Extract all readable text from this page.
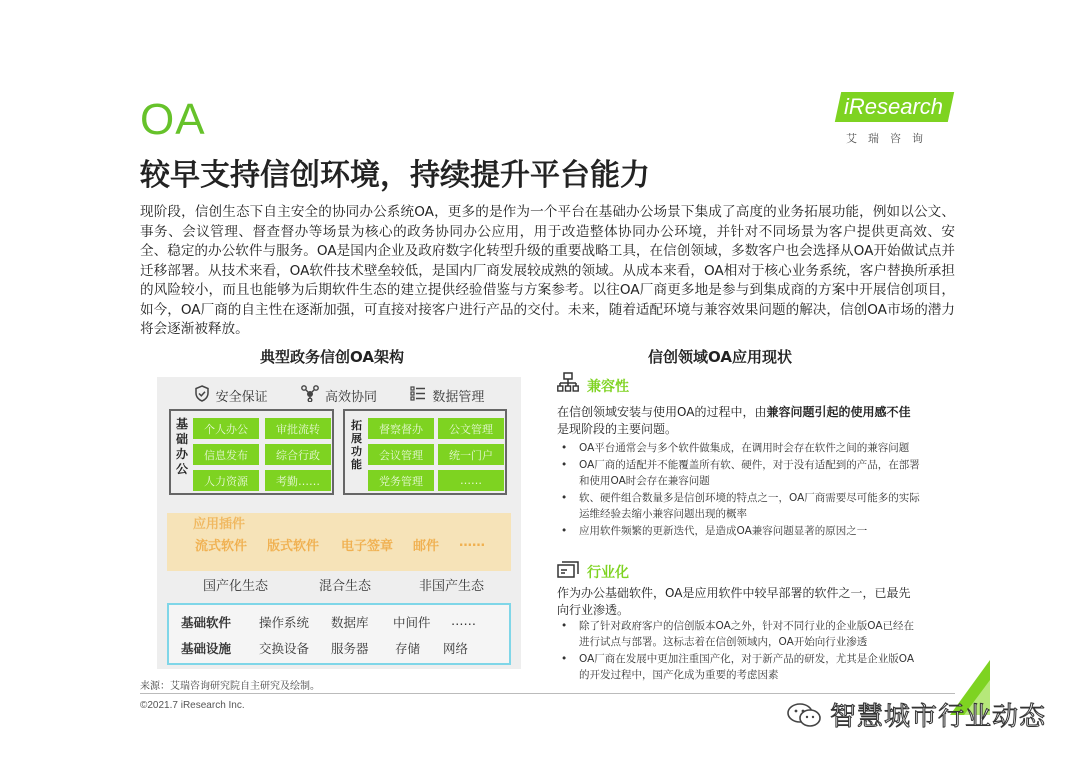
OA
较早支持信创环境，持续提升平台能力
iResearch
艾瑞咨询

现阶段，信创生态下自主安全的协同办公系统OA，更多的是作为一个平台在基础办公场景下集成了高度的业务拓展功能，例如以公文、事务、会议管理、督查督办等场景为核心的政务协同办公应用，用于改造整体协同办公环境，并针对不同场景为客户提供更高效、安全、稳定的办公软件与服务。OA是国内企业及政府数字化转型升级的重要战略工具，在信创领域，多数客户也会选择从OA开始做试点并迁移部署。从技术来看，OA软件技术壁垒较低，是国内厂商发展较成熟的领域。从成本来看，OA相对于核心业务系统，客户替换所承担的风险较小，而且也能够为后期软件生态的建立提供经验借鉴与方案参考。以往OA厂商更多地是参与到集成商的方案中开展信创项目，如今，OA厂商的自主性在逐渐加强，可直接对接客户进行产品的交付。未来，随着适配环境与兼容效果问题的解决，信创OA市场的潜力将会逐渐被释放。

典型政务信创OA架构	信创领域OA应用现状
安全保证	高效协同	数据管理
基础办公
个人办公	审批流转
信息发布	综合行政
人力资源	考勤……
拓展功能
督察督办	公文管理
会议管理	统一门户
党务管理	……
应用插件
流式软件 版式软件 电子签章 邮件 ……
国产化生态	混合生态	非国产生态
基础软件 操作系统 数据库 中间件 ……
基础设施 交换设备 服务器 存储 网络
兼容性

在信创领域安装与使用OA的过程中，由兼容问题引起的使用感不佳是现阶段的主要问题。

• OA平台通常会与多个软件做集成，在调用时会存在软件之间的兼容问题
• OA厂商的适配并不能覆盖所有软、硬件，对于没有适配到的产品，在部署和使用OA时会存在兼容问题
• 软、硬件组合数量多是信创环境的特点之一，OA厂商需要尽可能多的实际运维经验去缩小兼容问题出现的概率
• 应用软件频繁的更新迭代，是造成OA兼容问题显著的原因之一
行业化

作为办公基础软件，OA是应用软件中较早部署的软件之一，已最先向行业渗透。

• 除了针对政府客户的信创版本OA之外，针对不同行业的企业版OA已经在进行试点与部署。这标志着在信创领域内，OA开始向行业渗透
• OA厂商在发展中更加注重国产化，对于新产品的研发，尤其是企业版OA的开发过程中，国产化成为重要的考虑因素
来源：艾瑞咨询研究院自主研究及绘制。
©2021.7 iResearch Inc.	智慧城市行业动态
